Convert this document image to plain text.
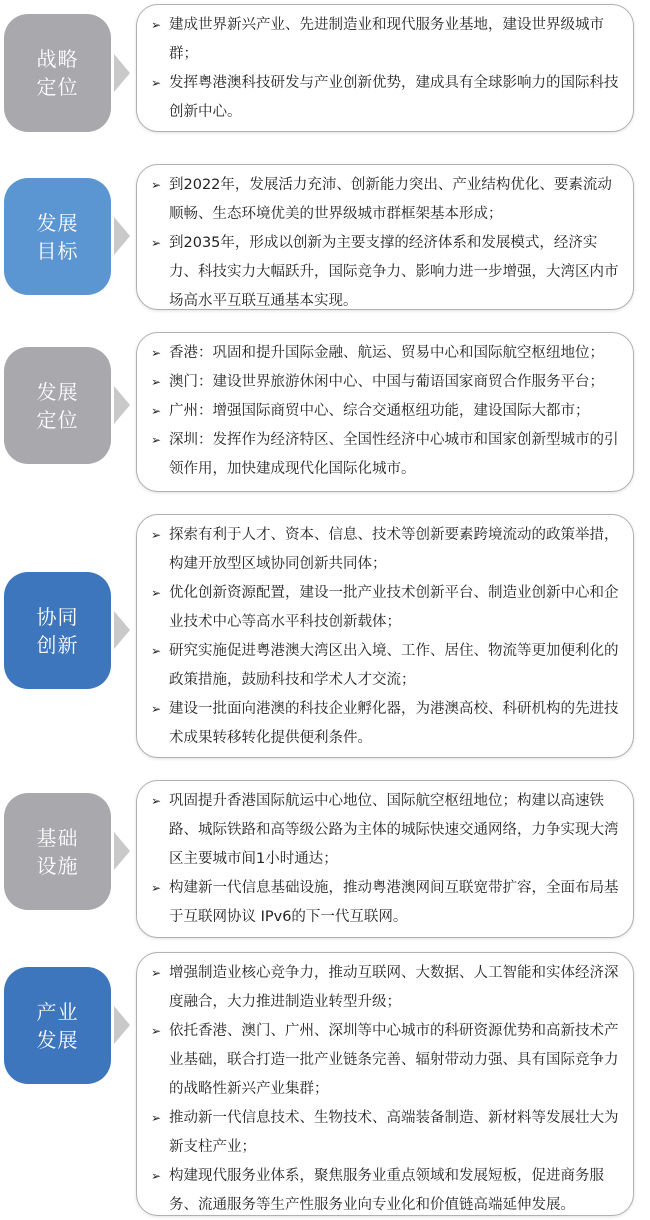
战略
定位
➢ 建成世界新兴产业、先进制造业和现代服务业基地，建设世界级城市群；
➢ 发挥粤港澳科技研发与产业创新优势，建成具有全球影响力的国际科技创新中心。
发展
目标
➢ 到2022年，发展活力充沛、创新能力突出、产业结构优化、要素流动顺畅、生态环境优美的世界级城市群框架基本形成；
➢ 到2035年，形成以创新为主要支撑的经济体系和发展模式，经济实力、科技实力大幅跃升，国际竞争力、影响力进一步增强，大湾区内市场高水平互联互通基本实现。
发展
定位
➢ 香港：巩固和提升国际金融、航运、贸易中心和国际航空枢纽地位；
➢ 澳门：建设世界旅游休闲中心、中国与葡语国家商贸合作服务平台；
➢ 广州：增强国际商贸中心、综合交通枢纽功能，建设国际大都市；
➢ 深圳：发挥作为经济特区、全国性经济中心城市和国家创新型城市的引领作用，加快建成现代化国际化城市。
协同
创新
➢ 探索有利于人才、资本、信息、技术等创新要素跨境流动的政策举措，构建开放型区域协同创新共同体；
➢ 优化创新资源配置，建设一批产业技术创新平台、制造业创新中心和企业技术中心等高水平科技创新载体；
➢ 研究实施促进粤港澳大湾区出入境、工作、居住、物流等更加便利化的政策措施，鼓励科技和学术人才交流；
➢ 建设一批面向港澳的科技企业孵化器，为港澳高校、科研机构的先进技术成果转移转化提供便利条件。
基础
设施
➢ 巩固提升香港国际航运中心地位、国际航空枢纽地位；构建以高速铁路、城际铁路和高等级公路为主体的城际快速交通网络，力争实现大湾区主要城市间1小时通达；
➢ 构建新一代信息基础设施，推动粤港澳网间互联宽带扩容，全面布局基于互联网协议 IPv6的下一代互联网。
产业
发展
➢ 增强制造业核心竞争力，推动互联网、大数据、人工智能和实体经济深度融合，大力推进制造业转型升级；
➢ 依托香港、澳门、广州、深圳等中心城市的科研资源优势和高新技术产业基础，联合打造一批产业链条完善、辐射带动力强、具有国际竞争力的战略性新兴产业集群；
➢ 推动新一代信息技术、生物技术、高端装备制造、新材料等发展壮大为新支柱产业；
➢ 构建现代服务业体系，聚焦服务业重点领域和发展短板，促进商务服务、流通服务等生产性服务业向专业化和价值链高端延伸发展。
